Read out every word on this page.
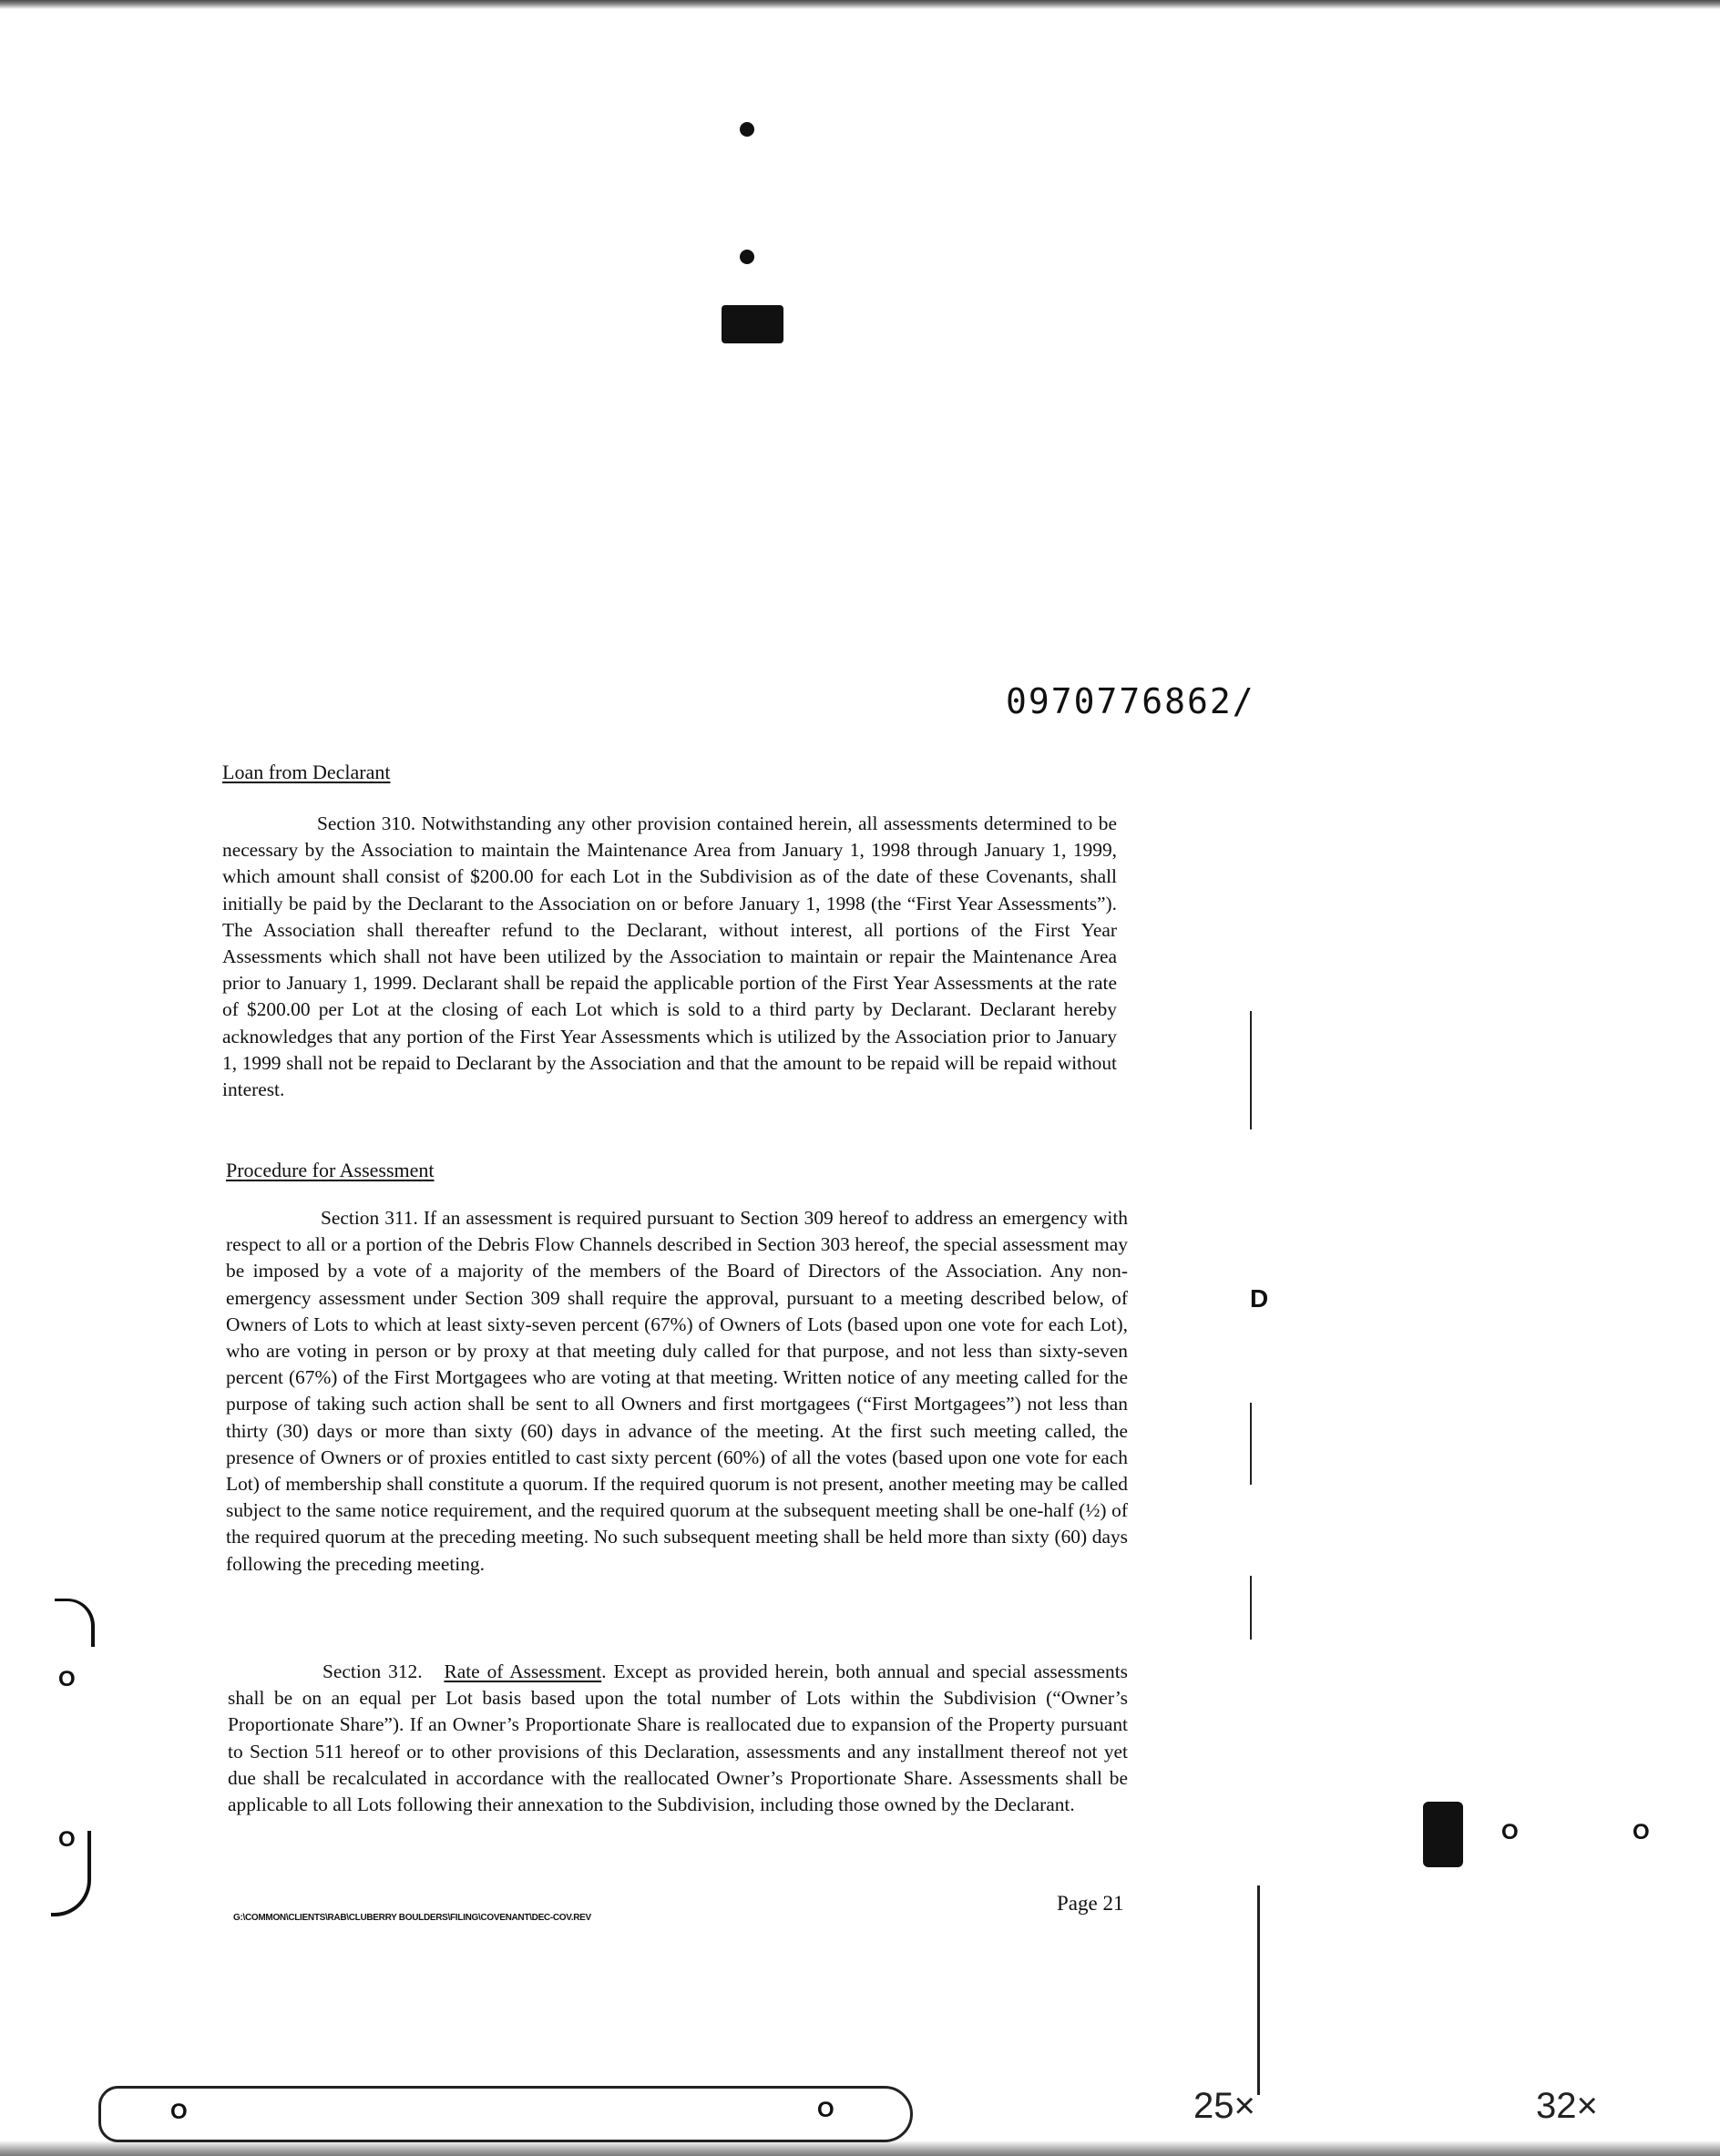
0970776862/
Loan from Declarant
Section 310. Notwithstanding any other provision contained herein, all assessments determined to be necessary by the Association to maintain the Maintenance Area from January 1, 1998 through January 1, 1999, which amount shall consist of $200.00 for each Lot in the Subdivision as of the date of these Covenants, shall initially be paid by the Declarant to the Association on or before January 1, 1998 (the “First Year Assessments”). The Association shall thereafter refund to the Declarant, without interest, all portions of the First Year Assessments which shall not have been utilized by the Association to maintain or repair the Maintenance Area prior to January 1, 1999. Declarant shall be repaid the applicable portion of the First Year Assessments at the rate of $200.00 per Lot at the closing of each Lot which is sold to a third party by Declarant. Declarant hereby acknowledges that any portion of the First Year Assessments which is utilized by the Association prior to January 1, 1999 shall not be repaid to Declarant by the Association and that the amount to be repaid will be repaid without interest.
Procedure for Assessment
Section 311. If an assessment is required pursuant to Section 309 hereof to address an emergency with respect to all or a portion of the Debris Flow Channels described in Section 303 hereof, the special assessment may be imposed by a vote of a majority of the members of the Board of Directors of the Association. Any non-emergency assessment under Section 309 shall require the approval, pursuant to a meeting described below, of Owners of Lots to which at least sixty-seven percent (67%) of Owners of Lots (based upon one vote for each Lot), who are voting in person or by proxy at that meeting duly called for that purpose, and not less than sixty-seven percent (67%) of the First Mortgagees who are voting at that meeting. Written notice of any meeting called for the purpose of taking such action shall be sent to all Owners and first mortgagees (“First Mortgagees”) not less than thirty (30) days or more than sixty (60) days in advance of the meeting. At the first such meeting called, the presence of Owners or of proxies entitled to cast sixty percent (60%) of all the votes (based upon one vote for each Lot) of membership shall constitute a quorum. If the required quorum is not present, another meeting may be called subject to the same notice requirement, and the required quorum at the subsequent meeting shall be one-half (½) of the required quorum at the preceding meeting. No such subsequent meeting shall be held more than sixty (60) days following the preceding meeting.
Section 312. Rate of Assessment. Except as provided herein, both annual and special assessments shall be on an equal per Lot basis based upon the total number of Lots within the Subdivision (“Owner’s Proportionate Share”). If an Owner’s Proportionate Share is reallocated due to expansion of the Property pursuant to Section 511 hereof or to other provisions of this Declaration, assessments and any installment thereof not yet due shall be recalculated in accordance with the reallocated Owner’s Proportionate Share. Assessments shall be applicable to all Lots following their annexation to the Subdivision, including those owned by the Declarant.
Page 21
G:\COMMON\CLIENTS\RAB\CLUBERRY BOULDERS\FILING\COVENANT\DEC-COV.REV
D
O	O
O
O
O	O	25×	32×
